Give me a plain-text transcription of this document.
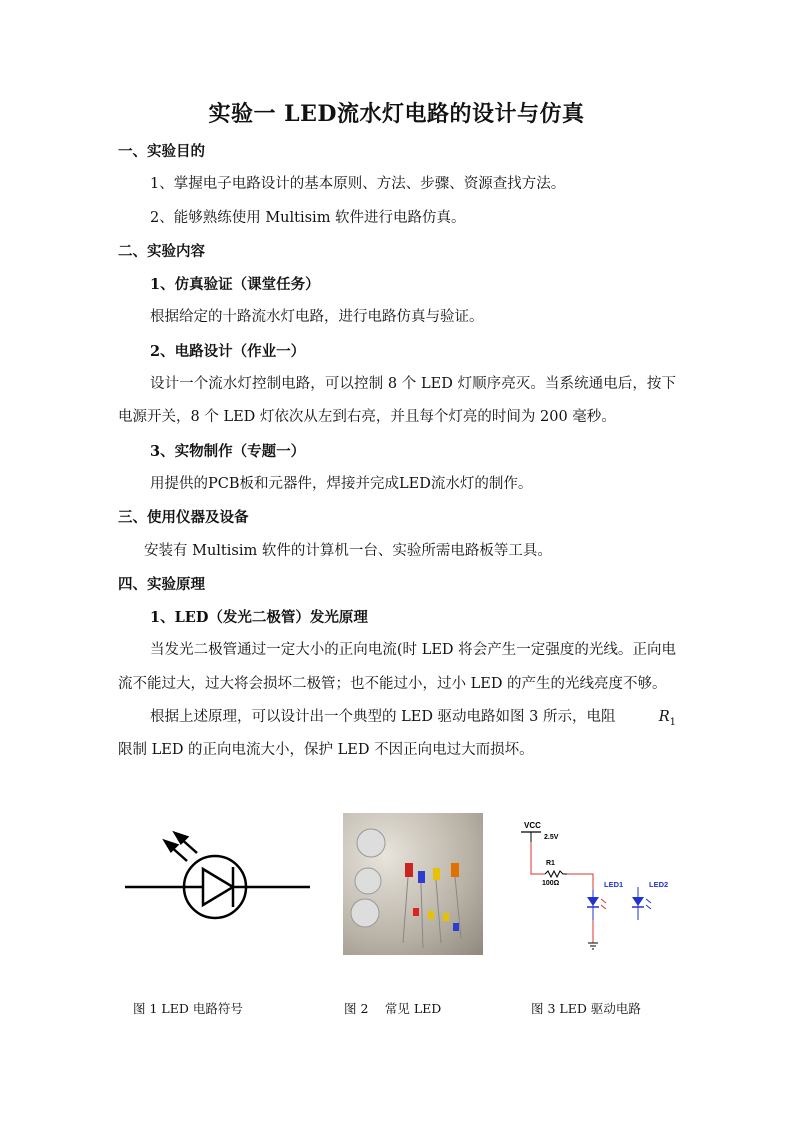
实验一 LED流水灯电路的设计与仿真
一、实验目的
1、掌握电子电路设计的基本原则、方法、步骤、资源查找方法。
2、能够熟练使用 Multisim 软件进行电路仿真。
二、实验内容
1、仿真验证（课堂任务）
根据给定的十路流水灯电路，进行电路仿真与验证。
2、电路设计（作业一）
设计一个流水灯控制电路，可以控制 8 个 LED 灯顺序亮灭。当系统通电后，按下电源开关，8 个 LED 灯依次从左到右亮，并且每个灯亮的时间为 200 毫秒。
3、实物制作（专题一）
用提供的PCB板和元器件，焊接并完成LED流水灯的制作。
三、使用仪器及设备
安装有 Multisim 软件的计算机一台、实验所需电路板等工具。
四、实验原理
1、LED（发光二极管）发光原理
当发光二极管通过一定大小的正向电流(时 LED 将会产生一定强度的光线。正向电流不能过大，过大将会损坏二极管；也不能过小，过小 LED 的产生的光线亮度不够。
根据上述原理，可以设计出一个典型的 LED 驱动电路如图 3 所示，电阻	$R_1$
限制 LED 的正向电流大小，保护 LED 不因正向电过大而损坏。
VCC
2.5V
R1
100Ω	LED1	LED2
图 1 LED 电路符号	图 2　 常见 LED	图 3 LED 驱动电路
